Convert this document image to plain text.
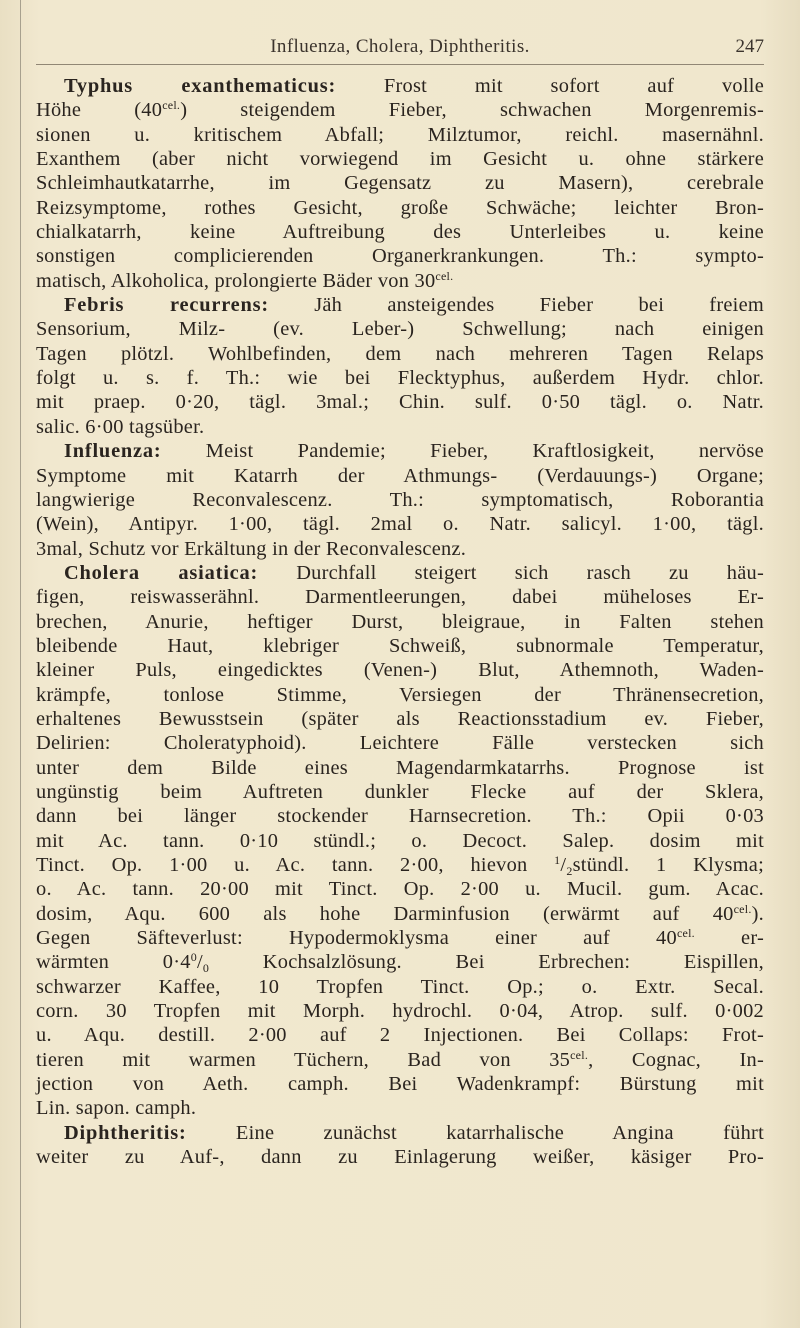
Influenza, Cholera, Diphtheritis.	247
Typhus exanthematicus: Frost mit sofort auf volle
Höhe $(40^{cel.})$ steigendem Fieber, schwachen Morgenremis-
sionen u. kritischem Abfall; Milztumor, reichl. masernähnl.
Exanthem (aber nicht vorwiegend im Gesicht u. ohne stärkere
Schleimhautkatarrhe, im Gegensatz zu Masern), cerebrale
Reizsymptome, rothes Gesicht, große Schwäche; leichter Bron-
chialkatarrh, keine Auftreibung des Unterleibes u. keine
sonstigen complicierenden Organerkrankungen. Th.: sympto-
matisch, Alkoholica, prolongierte Bäder von $30^{cel.}$
Febris recurrens: Jäh ansteigendes Fieber bei freiem
Sensorium, Milz- (ev. Leber-) Schwellung; nach einigen
Tagen plötzl. Wohlbefinden, dem nach mehreren Tagen Relaps
folgt u. s. f. Th.: wie bei Flecktyphus, außerdem Hydr. chlor.
mit praep. 0·20, tägl. 3mal.; Chin. sulf. 0·50 tägl. o. Natr.
salic. 6·00 tagsüber.
Influenza: Meist Pandemie; Fieber, Kraftlosigkeit, nervöse
Symptome mit Katarrh der Athmungs- (Verdauungs-) Organe;
langwierige Reconvalescenz. Th.: symptomatisch, Roborantia
(Wein), Antipyr. 1·00, tägl. 2mal o. Natr. salicyl. 1·00, tägl.
3mal, Schutz vor Erkältung in der Reconvalescenz.
Cholera asiatica: Durchfall steigert sich rasch zu häu-
figen, reiswasserähnl. Darmentleerungen, dabei müheloses Er-
brechen, Anurie, heftiger Durst, bleigraue, in Falten stehen
bleibende Haut, klebriger Schweiß, subnormale Temperatur,
kleiner Puls, eingedicktes (Venen-) Blut, Athemnoth, Waden-
krämpfe, tonlose Stimme, Versiegen der Thränensecretion,
erhaltenes Bewusstsein (später als Reactionsstadium ev. Fieber,
Delirien: Choleratyphoid). Leichtere Fälle verstecken sich
unter dem Bilde eines Magendarmkatarrhs. Prognose ist
ungünstig beim Auftreten dunkler Flecke auf der Sklera,
dann bei länger stockender Harnsecretion. Th.: Opii 0·03
mit Ac. tann. 0·10 stündl.; o. Decoct. Salep. dosim mit
Tinct. Op. 1·00 u. Ac. tann. 2·00, hievon $^1/_2stündl$. 1 Klysma;
o. Ac. tann. 20·00 mit Tinct. Op. 2·00 u. Mucil. gum. Acac.
dosim, Aqu. 600 als hohe Darminfusion (erwärmt auf $40^{cel.}$).
Gegen Säfteverlust: Hypodermoklysma einer auf $40^{cel.}$ er-
wärmten $0\cdot 4^0/_0$ Kochsalzlösung. Bei Erbrechen: Eispillen,
schwarzer Kaffee, 10 Tropfen Tinct. Op.; o. Extr. Secal.
corn. 30 Tropfen mit Morph. hydrochl. 0·04, Atrop. sulf. 0·002
u. Aqu. destill. 2·00 auf 2 Injectionen. Bei Collaps: Frot-
tieren mit warmen Tüchern, Bad von $35^{cel.}$, Cognac, In-
jection von Aeth. camph. Bei Wadenkrampf: Bürstung mit
Lin. sapon. camph.
Diphtheritis: Eine zunächst katarrhalische Angina führt
weiter zu Auf-, dann zu Einlagerung weißer, käsiger Pro-
